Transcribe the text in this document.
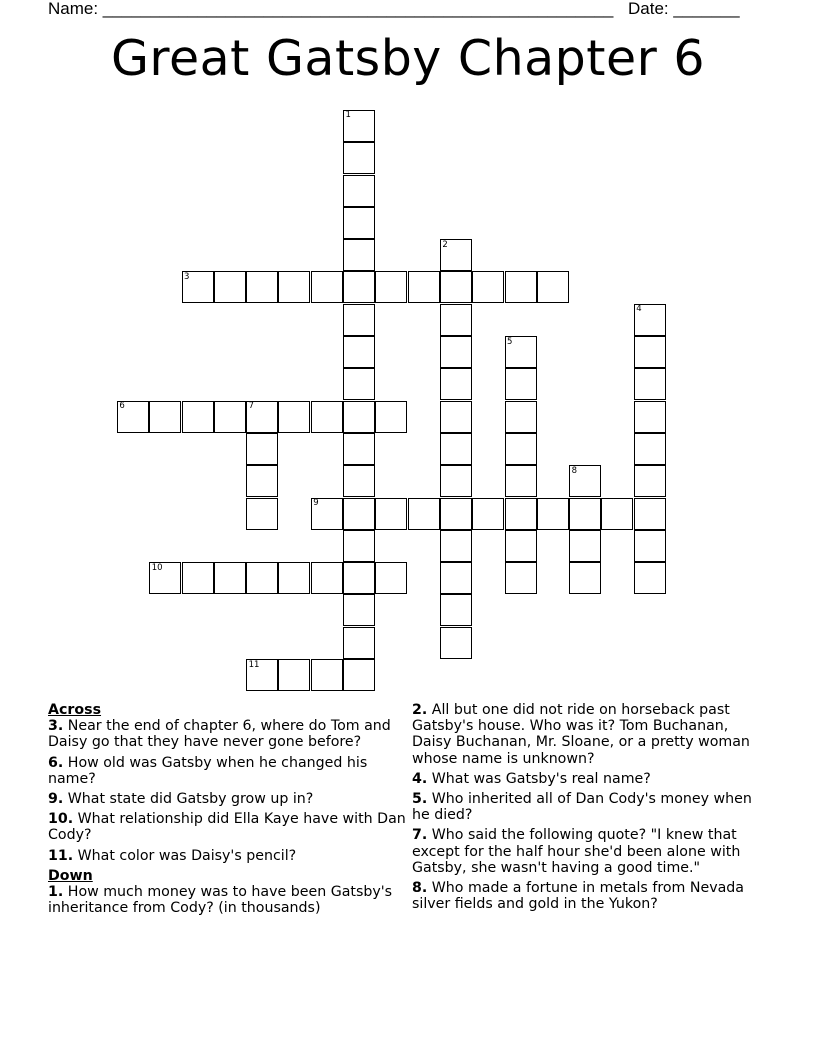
Name: ______________________________________________________ Date: _______
Great Gatsby Chapter 6
1
2
3
4
5
6	7
8
9
10
11
Across
3. Near the end of chapter 6, where do Tom and Daisy go that they have never gone before?
6. How old was Gatsby when he changed his name?
9. What state did Gatsby grow up in?
10. What relationship did Ella Kaye have with Dan Cody?
11. What color was Daisy's pencil?
Down
1. How much money was to have been Gatsby's inheritance from Cody? (in thousands)
2. All but one did not ride on horseback past Gatsby's house. Who was it? Tom Buchanan, Daisy Buchanan, Mr. Sloane, or a pretty woman whose name is unknown?
4. What was Gatsby's real name?
5. Who inherited all of Dan Cody's money when he died?
7. Who said the following quote? "I knew that except for the half hour she'd been alone with Gatsby, she wasn't having a good time."
8. Who made a fortune in metals from Nevada silver fields and gold in the Yukon?
